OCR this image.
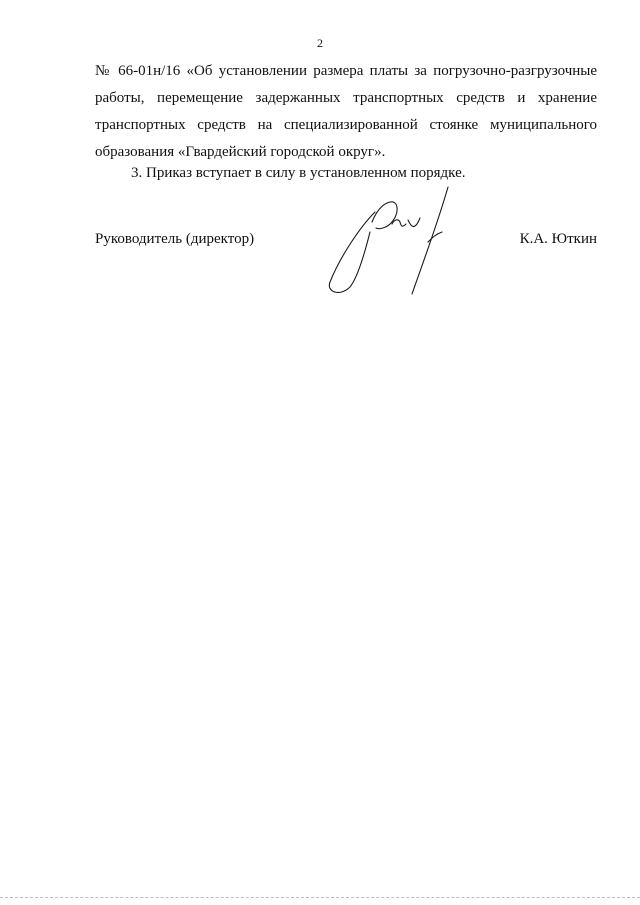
2
№ 66-01н/16 «Об установлении размера платы за погрузочно-разгрузочные
работы, перемещение задержанных транспортных средств и хранение
транспортных средств на специализированной стоянке муниципального
образования «Гвардейский городской округ».
3. Приказ вступает в силу в установленном порядке.
Руководитель (директор)	К.А. Юткин
